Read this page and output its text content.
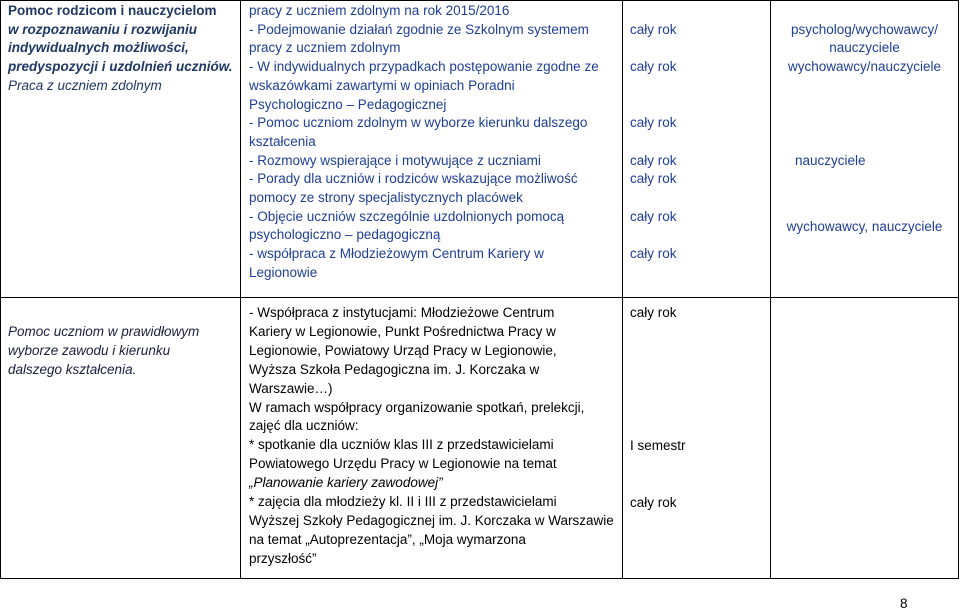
Pomoc rodzicom i nauczycielom
w rozpoznawaniu i rozwijaniu
indywidualnych możliwości,
predyspozycji i uzdolnień uczniów.
Praca z uczniem zdolnym
pracy z uczniem zdolnym na rok 2015/2016
- Podejmowanie działań zgodnie ze Szkolnym systemem
pracy z uczniem zdolnym
- W indywidualnych przypadkach postępowanie zgodne ze
wskazówkami zawartymi w opiniach Poradni
Psychologiczno – Pedagogicznej
- Pomoc uczniom zdolnym w wyborze kierunku dalszego
kształcenia
- Rozmowy wspierające i motywujące z uczniami
- Porady dla uczniów i rodziców wskazujące możliwość
pomocy ze strony specjalistycznych placówek
- Objęcie uczniów szczególnie uzdolnionych pomocą
psychologiczno – pedagogiczną
- współpraca z Młodzieżowym Centrum Kariery w
Legionowie
cały rok
cały rok
cały rok
cały rok
cały rok
cały rok
cały rok
psycholog/wychowawcy/
nauczyciele
wychowawcy/nauczyciele
nauczyciele
wychowawcy, nauczyciele
Pomoc uczniom w prawidłowym
wyborze zawodu i kierunku
dalszego kształcenia.
- Współpraca z instytucjami: Młodzieżowe Centrum
Kariery w Legionowie, Punkt Pośrednictwa Pracy w
Legionowie, Powiatowy Urząd Pracy w Legionowie,
Wyższa Szkoła Pedagogiczna im. J. Korczaka w
Warszawie…)
W ramach współpracy organizowanie spotkań, prelekcji,
zajęć dla uczniów:
* spotkanie dla uczniów klas III z przedstawicielami
Powiatowego Urzędu Pracy w Legionowie na temat
„Planowanie kariery zawodowej”
* zajęcia dla młodzieży kl. II i III z przedstawicielami
Wyższej Szkoły Pedagogicznej im. J. Korczaka w Warszawie
na temat „Autoprezentacja”, „Moja wymarzona
przyszłość”
cały rok
I semestr
cały rok
8
